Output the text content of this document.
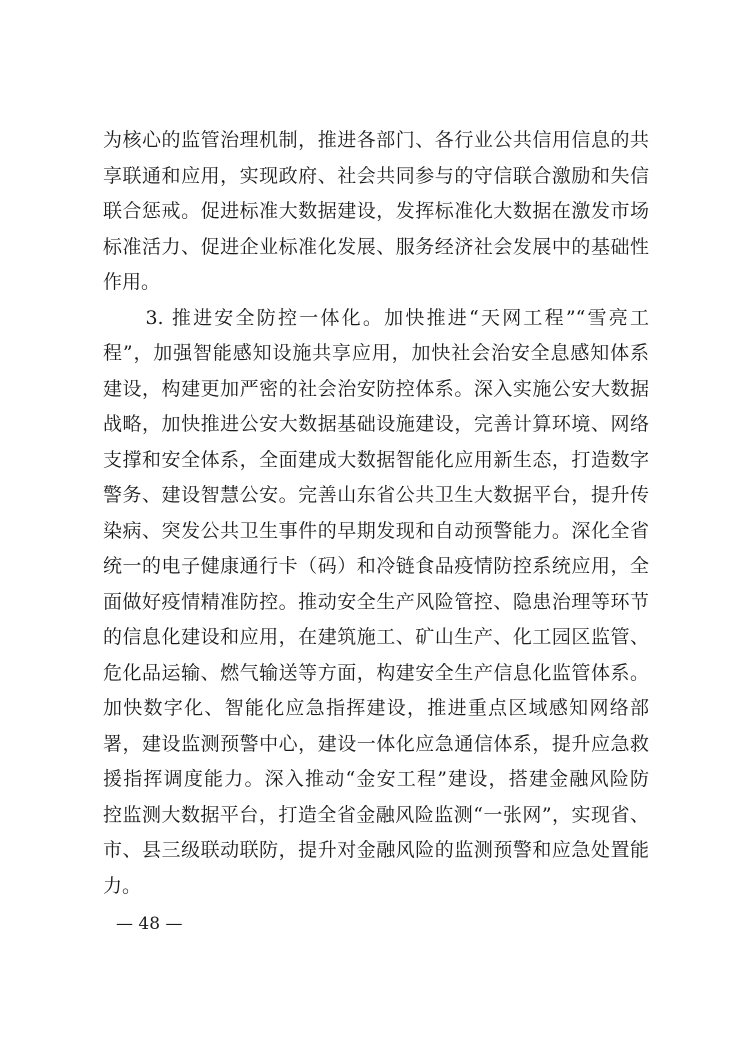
为核心的监管治理机制，推进各部门、各行业公共信用信息的共
享联通和应用，实现政府、社会共同参与的守信联合激励和失信
联合惩戒。促进标准大数据建设，发挥标准化大数据在激发市场
标准活力、促进企业标准化发展、服务经济社会发展中的基础性
作用。
　　3. 推进安全防控一体化。加快推进“天网工程”“雪亮工
程”，加强智能感知设施共享应用，加快社会治安全息感知体系
建设，构建更加严密的社会治安防控体系。深入实施公安大数据
战略，加快推进公安大数据基础设施建设，完善计算环境、网络
支撑和安全体系，全面建成大数据智能化应用新生态，打造数字
警务、建设智慧公安。完善山东省公共卫生大数据平台，提升传
染病、突发公共卫生事件的早期发现和自动预警能力。深化全省
统一的电子健康通行卡（码）和冷链食品疫情防控系统应用，全
面做好疫情精准防控。推动安全生产风险管控、隐患治理等环节
的信息化建设和应用，在建筑施工、矿山生产、化工园区监管、
危化品运输、燃气输送等方面，构建安全生产信息化监管体系。
加快数字化、智能化应急指挥建设，推进重点区域感知网络部
署，建设监测预警中心，建设一体化应急通信体系，提升应急救
援指挥调度能力。深入推动“金安工程”建设，搭建金融风险防
控监测大数据平台，打造全省金融风险监测“一张网”，实现省、
市、县三级联动联防，提升对金融风险的监测预警和应急处置能
力。
— 48 —
